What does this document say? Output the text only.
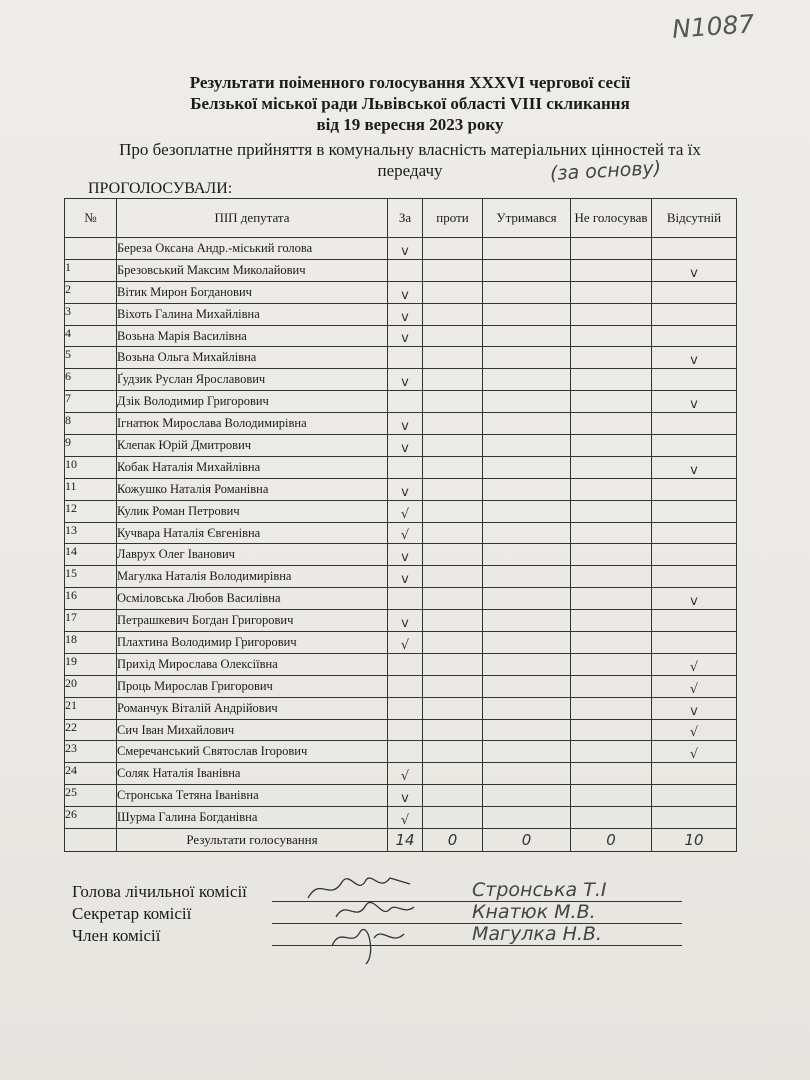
N1087
Результати поіменного голосування XXXVI чергової сесії
Белзької міської ради Львівської області VIII скликання
від 19 вересня 2023 року
Про безоплатне прийняття в комунальну власність матеріальних цінностей та їх
передачу	(за основу)
ПРОГОЛОСУВАЛИ:
№	ПІП депутата	За	проти	Утримався	Не голосував	Відсутній
	Береза Оксана Андр.-міський голова	v				
1	Брезовський Максим Миколайович					v
2	Вітик Мирон Богданович	v				
3	Віхоть Галина Михайлівна	v				
4	Возьна Марія Василівна	v				
5	Возьна Ольга Михайлівна					v
6	Ґудзик Руслан Ярославович	v				
7	Дзік Володимир Григорович					v
8	Ігнатюк Мирослава Володимирівна	v				
9	Клепак Юрій Дмитрович	v				
10	Кобак Наталія Михайлівна					v
11	Кожушко Наталія Романівна	v				
12	Кулик Роман Петрович	√				
13	Кучвара Наталія Євгенівна	√				
14	Лаврух Олег Іванович	v				
15	Магулка Наталія Володимирівна	v				
16	Осміловська Любов Василівна					v
17	Петрашкевич Богдан Григорович	v				
18	Плахтина Володимир Григорович	√				
19	Прихід Мирослава Олексіївна					√
20	Проць Мирослав Григорович					√
21	Романчук Віталій Андрійович					v
22	Сич Іван Михайлович					√
23	Смеречанський Святослав Ігорович					√
24	Соляк Наталія Іванівна	√				
25	Стронська Тетяна Іванівна	v				
26	Шурма Галина Богданівна	√				
	Результати голосування	14	0	0	0	10
Голова лічильної комісії	Стронська Т.І
Секретар комісії	Кнатюк М.В.
Член комісії	Магулка Н.В.
